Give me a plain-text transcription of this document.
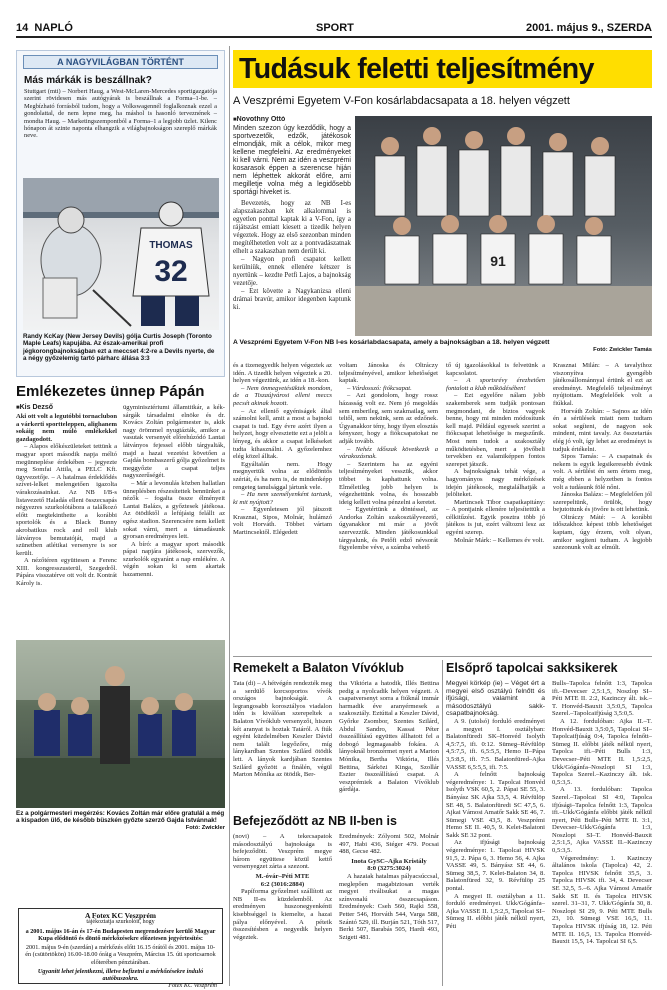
14 NAPLÓ	SPORT	2001. május 9., SZERDA
A NAGYVILÁGBAN TÖRTÉNT
Más márkák is beszállnak?
Stuttgart (mti) – Norbert Haug, a West-McLaren-Mercedes sportigazgatója szerint rövidesen más autógyárak is beszállnak a Forma–1-be. – Megbízható forrásból tudom, hogy a Volkswagennél foglalkoznak ezzel a gondolattal, de nem lepne meg, ha máshol is hasonló terveznének – mondta Haug. – Marketingszempontból a Forma–1 a legjobb üzlet. Kilenc hónapon át szinte naponta elhangzik a világbajnokságon szereplő márkák neve.
THOMAS
32
Randy KcKay (New Jersey Devils) gólja Curtis Joseph (Toronto Maple Leafs) kapujába. Az észak-amerikai profi jégkorongbajnokságban ezt a meccset 4:2-re a Devils nyerte, de a négy győzelemig tartó párharc állása 3:3
Emlékezetes ünnep Pápán
■ Kis Dezső

Aki ott volt a legutóbbi tornaclubon a várkerti sportteleppen, alighanem sokáig nem múló emlékekkel gazdagodott.

– Alapos előkészületeket tettünk a magyar sport második napja méltó megünneplése érdekében – jegyezte meg Somfai Attila, a PELC Kft. ügyvezetője. – A hatalmas érdeklődés szívet-lelket melengetően igazolta várakozásainkat. Az NB I/B-s listavezető Haladás elleni összecsapás négyezres szurkolótábora a találkozó előtt megtekinthette a korábbi sportolók és a Black Bunny akrobatikus rock and roll klub látványos bemutatóját, majd a szünetben atlétikai versenyre is sor került.

A nézőtéren együttesen a Ferenc XIII. kongresszusterül, Szegedről. Pápára visszatérve ott volt dr. Kontrát Károly is.

ügyminisztériumi államtitkár, a kék-sárgák társadalmi elnöke és dr. Kovács Zoltán polgármester is, akik nagy örömmel nyugtázták, amikor a vasutak versenyét előrehúzódó Lantai látványos fejessel előbb tárgyalták, majd a hazai vezetést követően a Gajdás bombaszerű gólja győzelmet is meggyőzte a csapat teljes nagyszerűségét.

– Már a levonulás közben hallatlan ünneplésben részesítettek bennünket a nézők – fogalta össze élményeit Lantai Balázs, a győztesek játékosa. Az ötödiktől a lefújásig felállt az egész stadion. Szerencsére nem kellett sokat várni, mert a támadásunk gyorsan eredményes lett.

A bíró: a magyar sport második pápai napjára játékosok, szervezők, szurkolók egyaránt a nap emlékére. A végén sokan ki sem akartak hazamenni.

Ez a polgármesteri megérzés: Kovács Zoltán már előre gratulál a még a kispadon ülő, de később büszkén győzte szerző Gajda Istvánnak!
Fotó: Zwickler
A Fotex KC Veszprém
tájékoztatja szurkolóit, hogy
a 2001. május 16-án és 17-én Budapesten megrendezésre kerülő Magyar Kupa elődöntő és döntő mérkőzésekre előzetesen jegyértesítés:
2001. május 9-én (szerdán) a mérkőzés előtt 16.15 órától és 2001. május 10-én (csütörtökön) 16.00-18.00 óráig a Veszprém, Március 15. úti sportcsarnok előterében pénztárában.
Ugyanitt lehet jelentkezni, illetve befizetni a mérkőzésekre induló autóbuszokra.
Fotex KC Veszprém
Tudásuk feletti teljesítmény
A Veszprémi Egyetem V-Fon kosárlabdacsapata a 18. helyen végzett
■ Novothny Ottó

Minden szezon úgy kezdődik, hogy a sportvezetők, edzők, játékosok elmondják, mik a célok, mikor meg kellene megfelelni. Az eredményeket ki kell várni. Nem az idén a veszprémi kosarasok éppen a szerencse hiján nem léphettek akkorát előre, ami megilletje volna még a legidősebb sportági hiveket is.

Bevezetés, hogy az NB I-es alapszakaszban két alkalommal is egyetlen ponttal kaptak ki a V-Fon, így a rájátszást emiatt kiesett a tizedik helyen végeztek. Hogy az első szezonban minden megítélhetetlen volt az a pontvadászatnak elhelt a szakaszban nem derült ki.

– Nagyon profi csapatot kellett kerülniük, ennek ellenére kétszer is nyertünk – kezdte Petfi Lajos, a bajnokság vezetője.

– Ezt követte a Nagykanizsa elleni drámai bravúr, amikor idegenben kaptunk ki.

91
A Veszprémi Egyetem V-Fon NB I-es kosárlabdacsapata, amely a bajnokságban a 18. helyen végzett
Fotó: Zwickler Tamás

és a tizenegyedik helyen végeztek az idén. A tizedik helyen végeztek a 20. helyen végeztünk, az idén a 18.-kon.

– Nem önmegvetésüktek mondom, de a Tiszaújvárosi elleni meccs pecsét akinak hozott.

– Az elleniő egyéniságek által számolni kell, amit a most a bajnoki csapat is tud. Egy évre azért ilyen a helyzet, hogy elvesztette ezt a jelölt a lényeg, és akkor a csapat lelkéseket tudta kihasználni. A győzelemhez elég közel álltak.

Egyáltalán nem. Hogy megnyertük volna az elődöntős szériát, és ha nem is, de mindenképp rengeteg tanulsággal jártunk vele.

– Ha nem személyenként tartunk, ki mit nyújtott?

– Egyenletesen jól játszott Krasznai, Sipos, Molnár, hulámzó volt Horváth. Többet vártam Martincsektől. Elégedett

voltam Jánoska és Oltráczy teljesítményével, amikor lehetőséget kaptak.

– Várdosszó: fiókcsapat.

– Azt gondolom, hogy rossz házasság volt ez. Nem jó megoldás sem emberileg, sem szakmailag, sem teltől, sem nekünk, sem az edzőnek. Úgyanakkor tény, hogy ilyen elosztás kényszer, hogy a fiókcsapatokat ne adják tovább.

– Nehéz időszak következik a várakozásnak.

– Szerintem ha az egyéni teljesítményeket vesszük, akkor többet is kaphattunk volna. Elméletileg jobb helyen is végezhettünk volna, és hosszabb ideig kellett volna pénzelni a keretet.

– Egyetértünk a döntéssel, az Andorka Zoltán szakosztályvezető, úgyanakkor mi már a jövőt szervezzük. Minden játékosunkkal tárgyalunk, és Petőfi edző névsorát figyelembe véve, a számba vehető

tő új igazolásokkal is felvetünk a kapcsolatot.

– A sportsrévy érezhetően fontalott a klub működésében!

– Ezt egyelőre nálam jobb szakemberek sem tudják pontosan megmondani, de biztos vagyok benne, hogy mi minden módosítunk kell majd. Például egyesek szerint a fiókcsapat lehetősége is megszűnik. Most nem tudok a szakosztály működtetésben, mert a jövőbeli tervekben ez valamiképpen fontos szerepet játszik.

A bajnokságnak tehát vége, a hagyományos nagy mérkőzések idején játékosok, megtalálhatják a jelölteket.

Martincsek Tibor csapatkapitány: – A pontjaink ellenére teljesítettük a célkitűzést. Egyik posztra több jó játékos is jut, ezért változni lesz az egyéni szerep.

Molnár Márk: – Kellemes év volt.

Krasznai Milán: – A tavalyihoz viszonyítva gyengébb játékosállománnyal értünk el ezt az eredményt. Megfelelő teljesítményt nyújtottam. Megfelelőek volt a fiúkkal.

Horváth Zoltán: – Sajnos az idén én a sérülések miatt nem tudtam sokat segíteni, de nagyon sok mindent, mint tavaly. Az összetartás elég jó volt, így lehet az eredményt is tudjuk értékelni.

Sipos Tamás: – A csapatnak és nekem is egyik legsikeresebb évünk volt. A sérülést én sem értem meg, még ebben a helyzetben is fontos volt a tudásunk fölé nőni.

Jánoska Balázs: – Megfelelően jól szerepeltünk, örülök, hogy bejutottunk és jövőre is ott lehetünk.

Oltráczy Máté: – A korábbi időszakhoz képest több lehetőséget kaptam, úgy érzem, volt olyan, amikor segíteni tudtam. A legjobb szezonunk volt az elmúlt.

Remekelt a Balaton Vívóklub
Tata (di) – A hétvégén rendezték meg a serdülő korcsoportos vívók országos bajnokságát. A legrangosabb korosztályos viadalon idén is kiválóan szerepeltek a Balaton Vívóklub versenyzői, hiszen két aranyat is hoztak Tatáról. A fiúk egyéni küzdelmében Keszler Dávid nem talált legyőzőre, míg lánykardban Szentes Szilárd ötödik lett. A lányok kardjában Szentes Szilárd győzött a finálén, végül Marton Mónika az ötödik, Ber-
tha Viktória a hatodik, Illés Bettina pedig a nyolcadik helyen végzett. A csapatversenyt sorra a fiúknál immár harmadik éve aranyérmesek a szakosztály. Eztúttal a Keszler Dávid, Győrke Zsombor, Szentes Szilárd, Abdul Sandro, Kassai Péter összeállítású együttes állhatott fel a dobogó legmagasabb fokára. A lányoknál bronzérmet nyert a Marton Mónika, Bertha Viktória, Illés Bettina, Sárközi Kinga, Szollár Eszter összeállítású csapat. A veszprémiek a Balaton Vívóklub gárdája.
Befejeződött az NB II-ben is

(novi) – A tekecsapatok másodosztályú bajnoksága is befejeződött. Veszprém megye három együttese közül kettő versenyegzet zárta a szezont.

M.-óvár–Péti MTE
6:2 (3016:2884)

Papíforma győzelmet szállított az NB II-es küzdelemből. Az eredményen huszonegyenkénti kisebbséggel is kiemelte, a hazai pálya előnyével. A péteik összesítésben a negyedik helyen végeztek.

Eredmények: Zólyomi 502, Molnár 497, Habi 436, Stéger 479. Pocsai 488, Gecse 482.

Inota GySC–Ajka Kristály
8:0 (3275:3024)

A hazaiak hatalmas pályacsúccsal, meglepően magabiztosan verték megyei riválisukat a magas színvonalú összecsapáson. Eredmények: Cseh 560, Rajki 558, Petter 546, Horváth 544, Varga 588, Szántó 529, ill. Burján 521, Tóth 517, Berki 507, Barabás 505, Hardi 493, Szigeti 481.

Elsőprő tapolcai sakksikerek

Megyei körkép (ie) – Véget ért a megyei első osztályú felnőtt és ifjúsági, valamint a másodosztályú sakk-csapatbajnokság.

A 9. (utolsó) forduló eredményei a megyei I. osztályban: Balatonfüredi SK–Honvéd Isolyth 4,5:7,5, ifi. 0:12. Sümeg–Révfülöp 4,5:7,5, ifi. 6,5:5,5, Hemo II–Pápa 3,5:8,5, ifi. 7:5. Balatonfüred–Ajka VASSE 6,5:5,5, ifi. 7:5.

A felnőtt bajnokság végeredménye: 1. Tapolcai Honvéd Isolyth VSK 60,5, 2. Pápai SE 55, 3. Bányász SK Ajka 53,5, 4. Révfülöp SE 48, 5. Balatonfüredi SC 47,5, 6. Ajkai Vámosi Amatőr Sakk SE 46, 7. Sümegi VSE 43,5, 8. Veszprémi Hemo SE II. 40,5, 9. Kelet-Balatoni Sakk SE 32 pont.

Az ifjúsági bajnokság végeredménye: 1. Tapolcai HIVSK 91,5, 2. Pápa 6, 3. Hemo 56, 4. Ajka VASSE 49, 5. Bányász SE 44, 6. Sümeg 38,5, 7. Kelet-Balaton 34, 8. Balatonfüred 32, 9. Révfülöp 25 pontal.

A megyei II. osztályban a 11. forduló eredményei. Ukk/Gógánfa–Ajka VASSE II. 1,5:2,5, Tapolcai SI–Sümeg II. előbbi játék nélkül nyert, Péti

Bulls–Tapolca felnőtt 1:3, Tapolca ifi.–Devecser 2,5:1,5, Noszlop SI–Péti MTE II. 2:2, Kazinczy ált. isk.–T. Honvéd-Bauxit 3,5:0,5, Tapolca Szerel.–Tapolcaifjúság 3,5:0,5.

A 12. fordulóban: Ajka II.–T. Honvéd-Bauxit 3,5:0,5, Tapolcai SI–Tapolcaifjúság 0:4, Tapolca felnőtt–Sümeg II. előbbi játék nélkül nyert, Tapolca ifi.–Péti Bulls 1:3, Devecser–Péti MTE II. 1,5:2,5, Ukk/Gógánfa–Noszlopi SI 1:3, Tapolca Szerel.–Kazinczy ált. isk. 0,5:3,5.

A 13. fordulóban: Tapolca Szerel.–Tapolcai SI 4:0, Tapolca ifjúsági–Tapolca felnőtt 1:3, Tapolca ifi.–Ukk/Gógánfa előbbi játék nélkül nyert, Péti Bulls–Péti MTE II. 3:1, Devecser–Ukk/Gógánfa 1:3, Noszlopi SI–T. Honvéd-Bauxit 2,5:1,5, Ajka VASSE II.–Kazinczy 0,5:3,5.

Végeredmény: 1. Kazinczy általános iskola (Tapolca) 42, 2. Tapolca HIVSK felnőtt 35,5, 3. Tapolca HIVSK ifi. 34, 4. Devecser SE 32,5, 5.–6. Ajka Vámosi Amatőr Sakk SE II. és Tapolca HIVSK szerel. 31–31, 7. Ukk/Gógánfa 30, 8. Noszlopi SI 29, 9. Péti MTE Bulls 23, 10. Sümegi VSE 16,5, 11. Tapolca HIVSK ifjúság 18, 12. Péti MTE II. 16,5, 13. Tapolca Honvéd-Bauxit 15,5, 14. Tapolcai SI 6,5.
